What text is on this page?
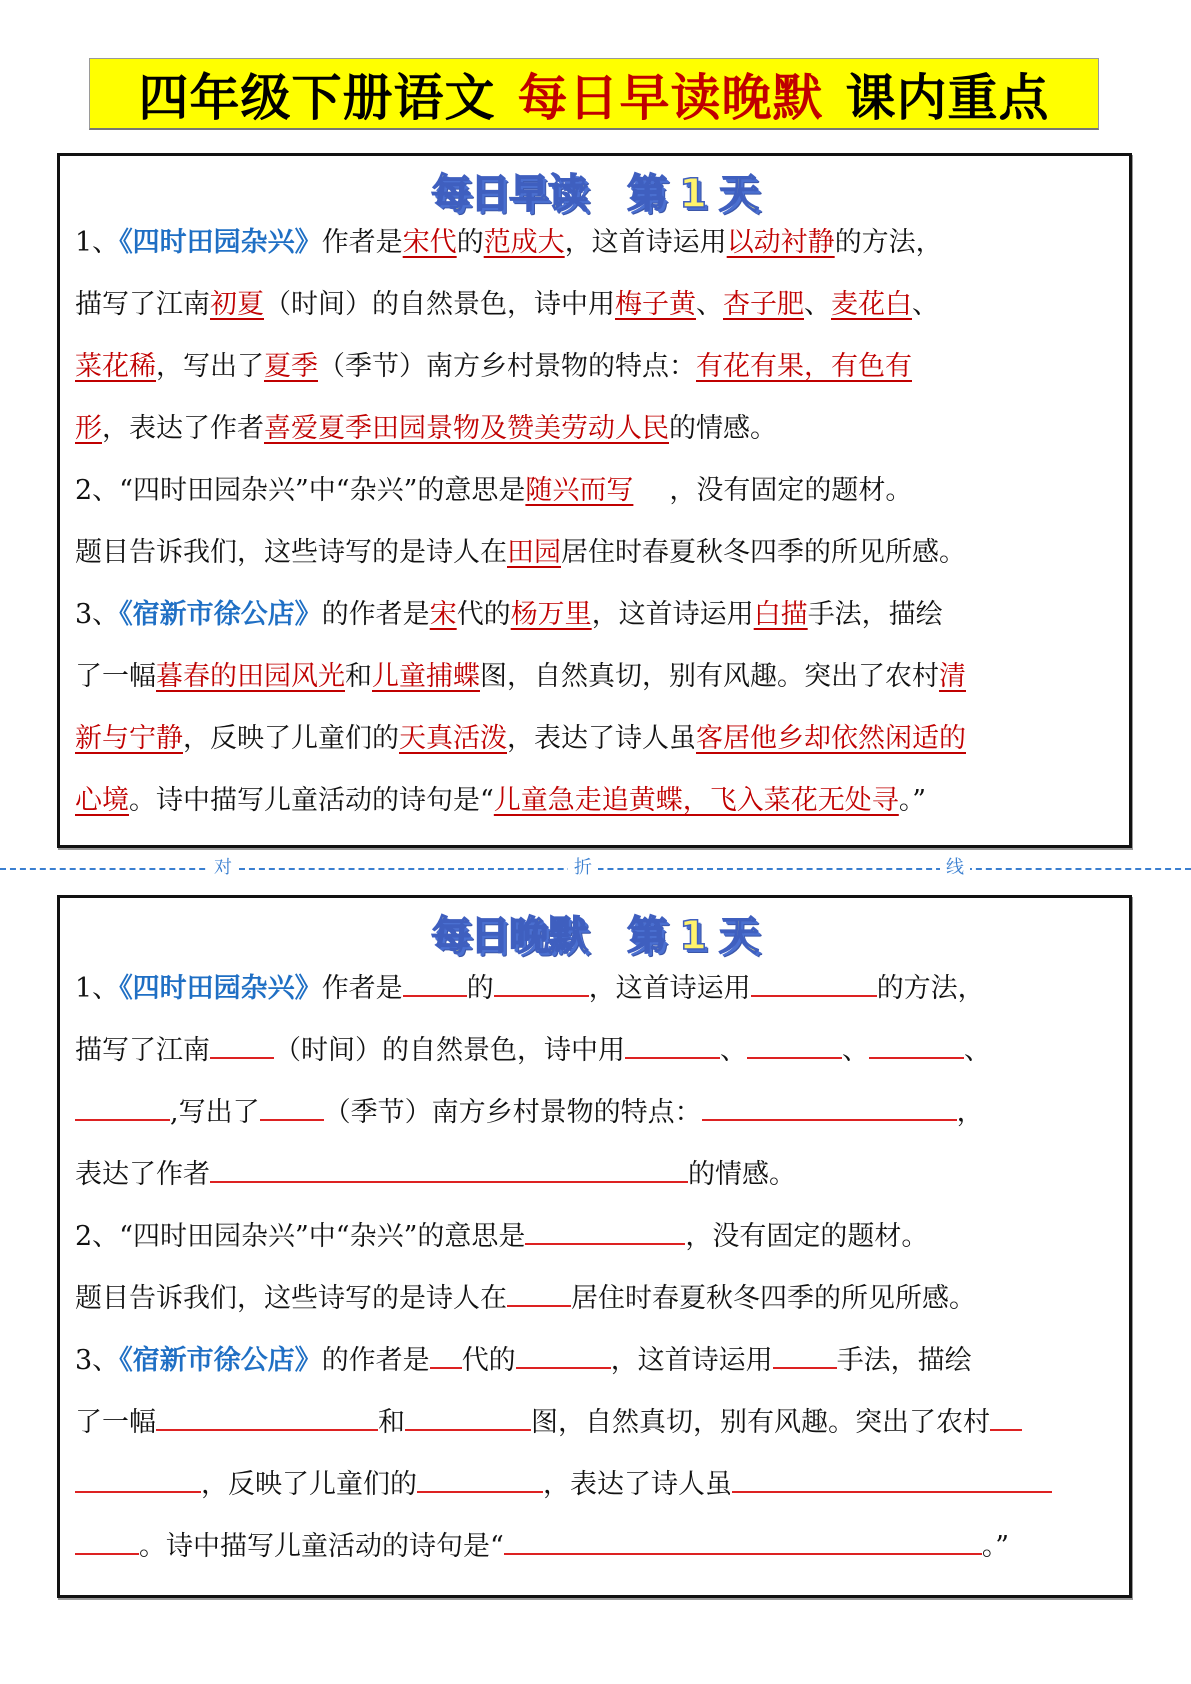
四年级下册语文 每日早读晚默 课内重点
每日早读 第 1 天
1、《四时田园杂兴》作者是宋代的范成大，这首诗运用以动衬静的方法，
描写了江南初夏（时间）的自然景色，诗中用梅子黄、杏子肥、麦花白、
菜花稀，写出了夏季（季节）南方乡村景物的特点：有花有果，有色有
形，表达了作者喜爱夏季田园景物及赞美劳动人民的情感。
2、“四时田园杂兴”中“杂兴”的意思是随兴而写 ，没有固定的题材。
题目告诉我们，这些诗写的是诗人在田园居住时春夏秋冬四季的所见所感。
3、《宿新市徐公店》的作者是宋代的杨万里，这首诗运用白描手法，描绘
了一幅暮春的田园风光和儿童捕蝶图，自然真切，别有风趣。突出了农村清
新与宁静，反映了儿童们的天真活泼，表达了诗人虽客居他乡却依然闲适的
心境。诗中描写儿童活动的诗句是“儿童急走追黄蝶，飞入菜花无处寻。”
对	折	线
每日晚默 第 1 天
1、《四时田园杂兴》作者是 的	，这首诗运用	的方法，
描写了江南 （时间）的自然景色，诗中用	、	、	、
,写出了 （季节）南方乡村景物的特点：	，
表达了作者	的情感。
2、“四时田园杂兴”中“杂兴”的意思是	，没有固定的题材。
题目告诉我们，这些诗写的是诗人在 居住时春夏秋冬四季的所见所感。
3、《宿新市徐公店》的作者是 代的	，这首诗运用 手法，描绘
了一幅	和	图，自然真切，别有风趣。突出了农村
，反映了儿童们的	，表达了诗人虽
。诗中描写儿童活动的诗句是“	。”
